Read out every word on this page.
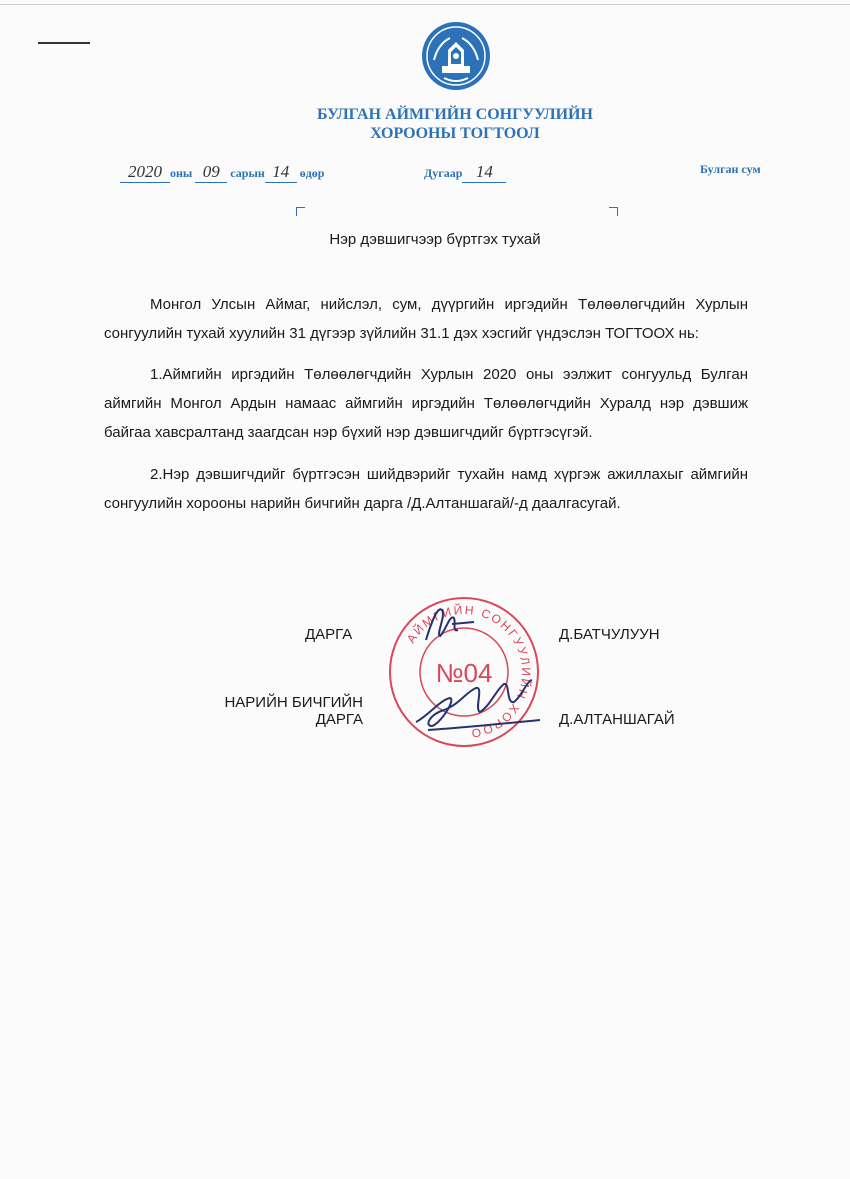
БУЛГАН АЙМГИЙН СОНГУУЛИЙН
ХОРООНЫ ТОГТООЛ
2020 оны 09 сарын 14 өдөр	Дугаар 14	Булган сум
Нэр дэвшигчээр бүртгэх тухай

Монгол Улсын Аймаг, нийслэл, сум, дүүргийн иргэдийн Төлөөлөгчдийн Хурлын сонгуулийн тухай хуулийн 31 дүгээр зүйлийн 31.1 дэх хэсгийг үндэслэн ТОГТООХ нь:

1.Аймгийн иргэдийн Төлөөлөгчдийн Хурлын 2020 оны ээлжит сонгуульд Булган аймгийн Монгол Ардын намаас аймгийн иргэдийн Төлөөлөгчдийн Хуралд нэр дэвшиж байгаа хавсралтанд заагдсан нэр бүхий нэр дэвшигчдийг бүртгэсүгэй.

2.Нэр дэвшигчдийг бүртгэсэн шийдвэрийг тухайн намд хүргэж ажиллахыг аймгийн сонгуулийн хорооны нарийн бичгийн дарга /Д.Алтаншагай/-д даалгасугай.

АЙМГИЙН СОНГУУЛИЙН ХОРОО
№04
ДАРГА	Д.БАТЧУЛУУН
НАРИЙН БИЧГИЙН
ДАРГА	Д.АЛТАНШАГАЙ
